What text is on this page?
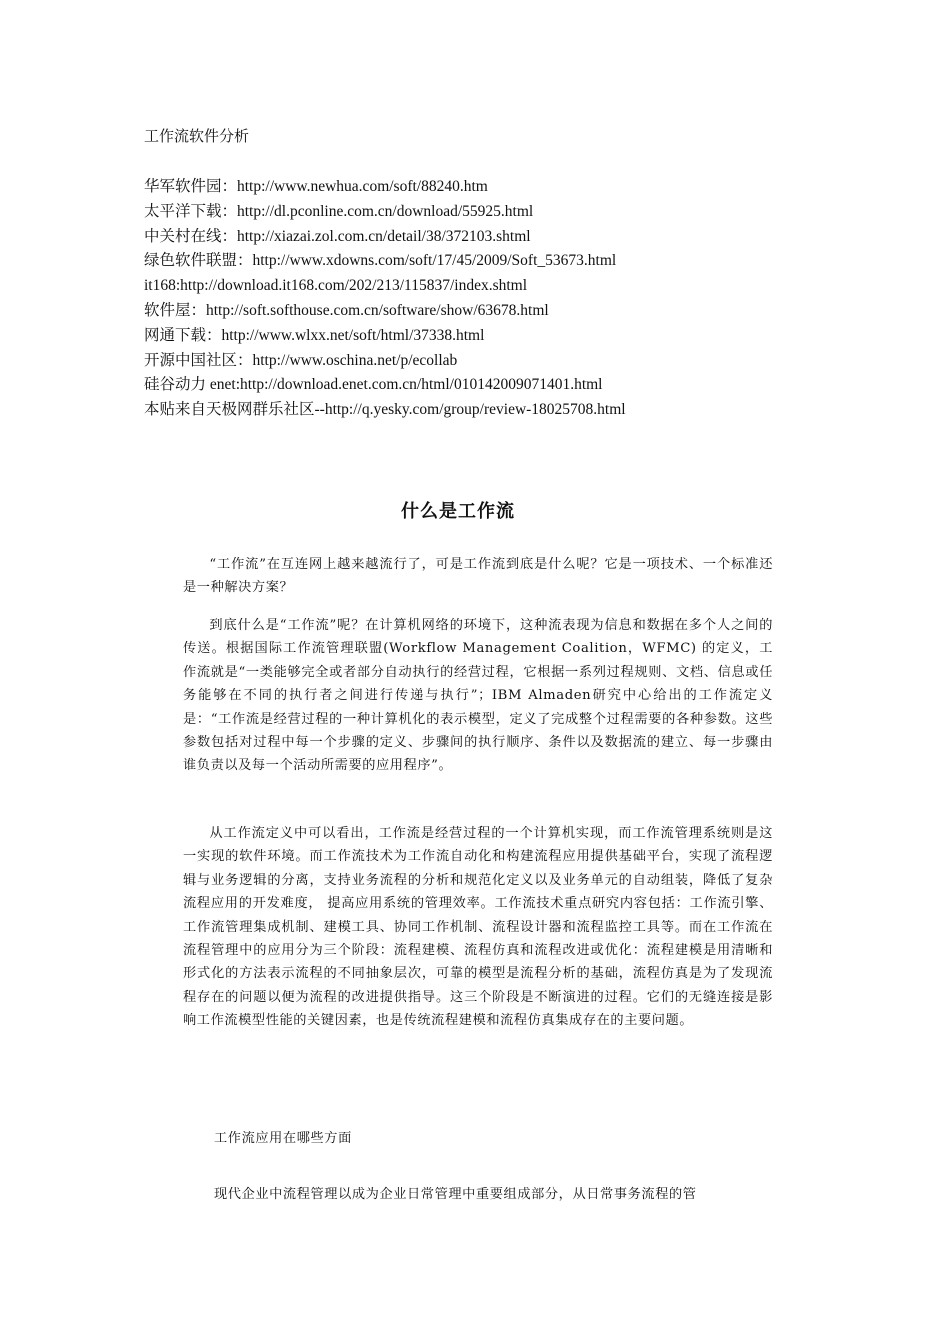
工作流软件分析
华军软件园：http://www.newhua.com/soft/88240.htm
太平洋下载：http://dl.pconline.com.cn/download/55925.html
中关村在线：http://xiazai.zol.com.cn/detail/38/372103.shtml
绿色软件联盟：http://www.xdowns.com/soft/17/45/2009/Soft_53673.html
it168:http://download.it168.com/202/213/115837/index.shtml
软件屋：http://soft.softhouse.com.cn/software/show/63678.html
网通下载：http://www.wlxx.net/soft/html/37338.html
开源中国社区：http://www.oschina.net/p/ecollab
硅谷动力 enet:http://download.enet.com.cn/html/010142009071401.html
本贴来自天极网群乐社区--http://q.yesky.com/group/review-18025708.html
什么是工作流

“工作流”在互连网上越来越流行了，可是工作流到底是什么呢？它是一项技术、一个标准还是一种解决方案？

到底什么是“工作流”呢？在计算机网络的环境下，这种流表现为信息和数据在多个人之间的传送。根据国际工作流管理联盟(Workflow Management Coalition，WFMC) 的定义，工作流就是“一类能够完全或者部分自动执行的经营过程，它根据一系列过程规则、文档、信息或任务能够在不同的执行者之间进行传递与执行”；IBM Almaden研究中心给出的工作流定义是：“工作流是经营过程的一种计算机化的表示模型，定义了完成整个过程需要的各种参数。这些参数包括对过程中每一个步骤的定义、步骤间的执行顺序、条件以及数据流的建立、每一步骤由谁负责以及每一个活动所需要的应用程序”。

从工作流定义中可以看出，工作流是经营过程的一个计算机实现，而工作流管理系统则是这一实现的软件环境。而工作流技术为工作流自动化和构建流程应用提供基础平台，实现了流程逻辑与业务逻辑的分离，支持业务流程的分析和规范化定义以及业务单元的自动组装，降低了复杂流程应用的开发难度， 提高应用系统的管理效率。工作流技术重点研究内容包括：工作流引擎、工作流管理集成机制、建模工具、协同工作机制、流程设计器和流程监控工具等。而在工作流在流程管理中的应用分为三个阶段：流程建模、流程仿真和流程改进或优化：流程建模是用清晰和形式化的方法表示流程的不同抽象层次，可靠的模型是流程分析的基础，流程仿真是为了发现流程存在的问题以便为流程的改进提供指导。这三个阶段是不断演进的过程。它们的无缝连接是影响工作流模型性能的关键因素，也是传统流程建模和流程仿真集成存在的主要问题。

工作流应用在哪些方面
现代企业中流程管理以成为企业日常管理中重要组成部分，从日常事务流程的管
